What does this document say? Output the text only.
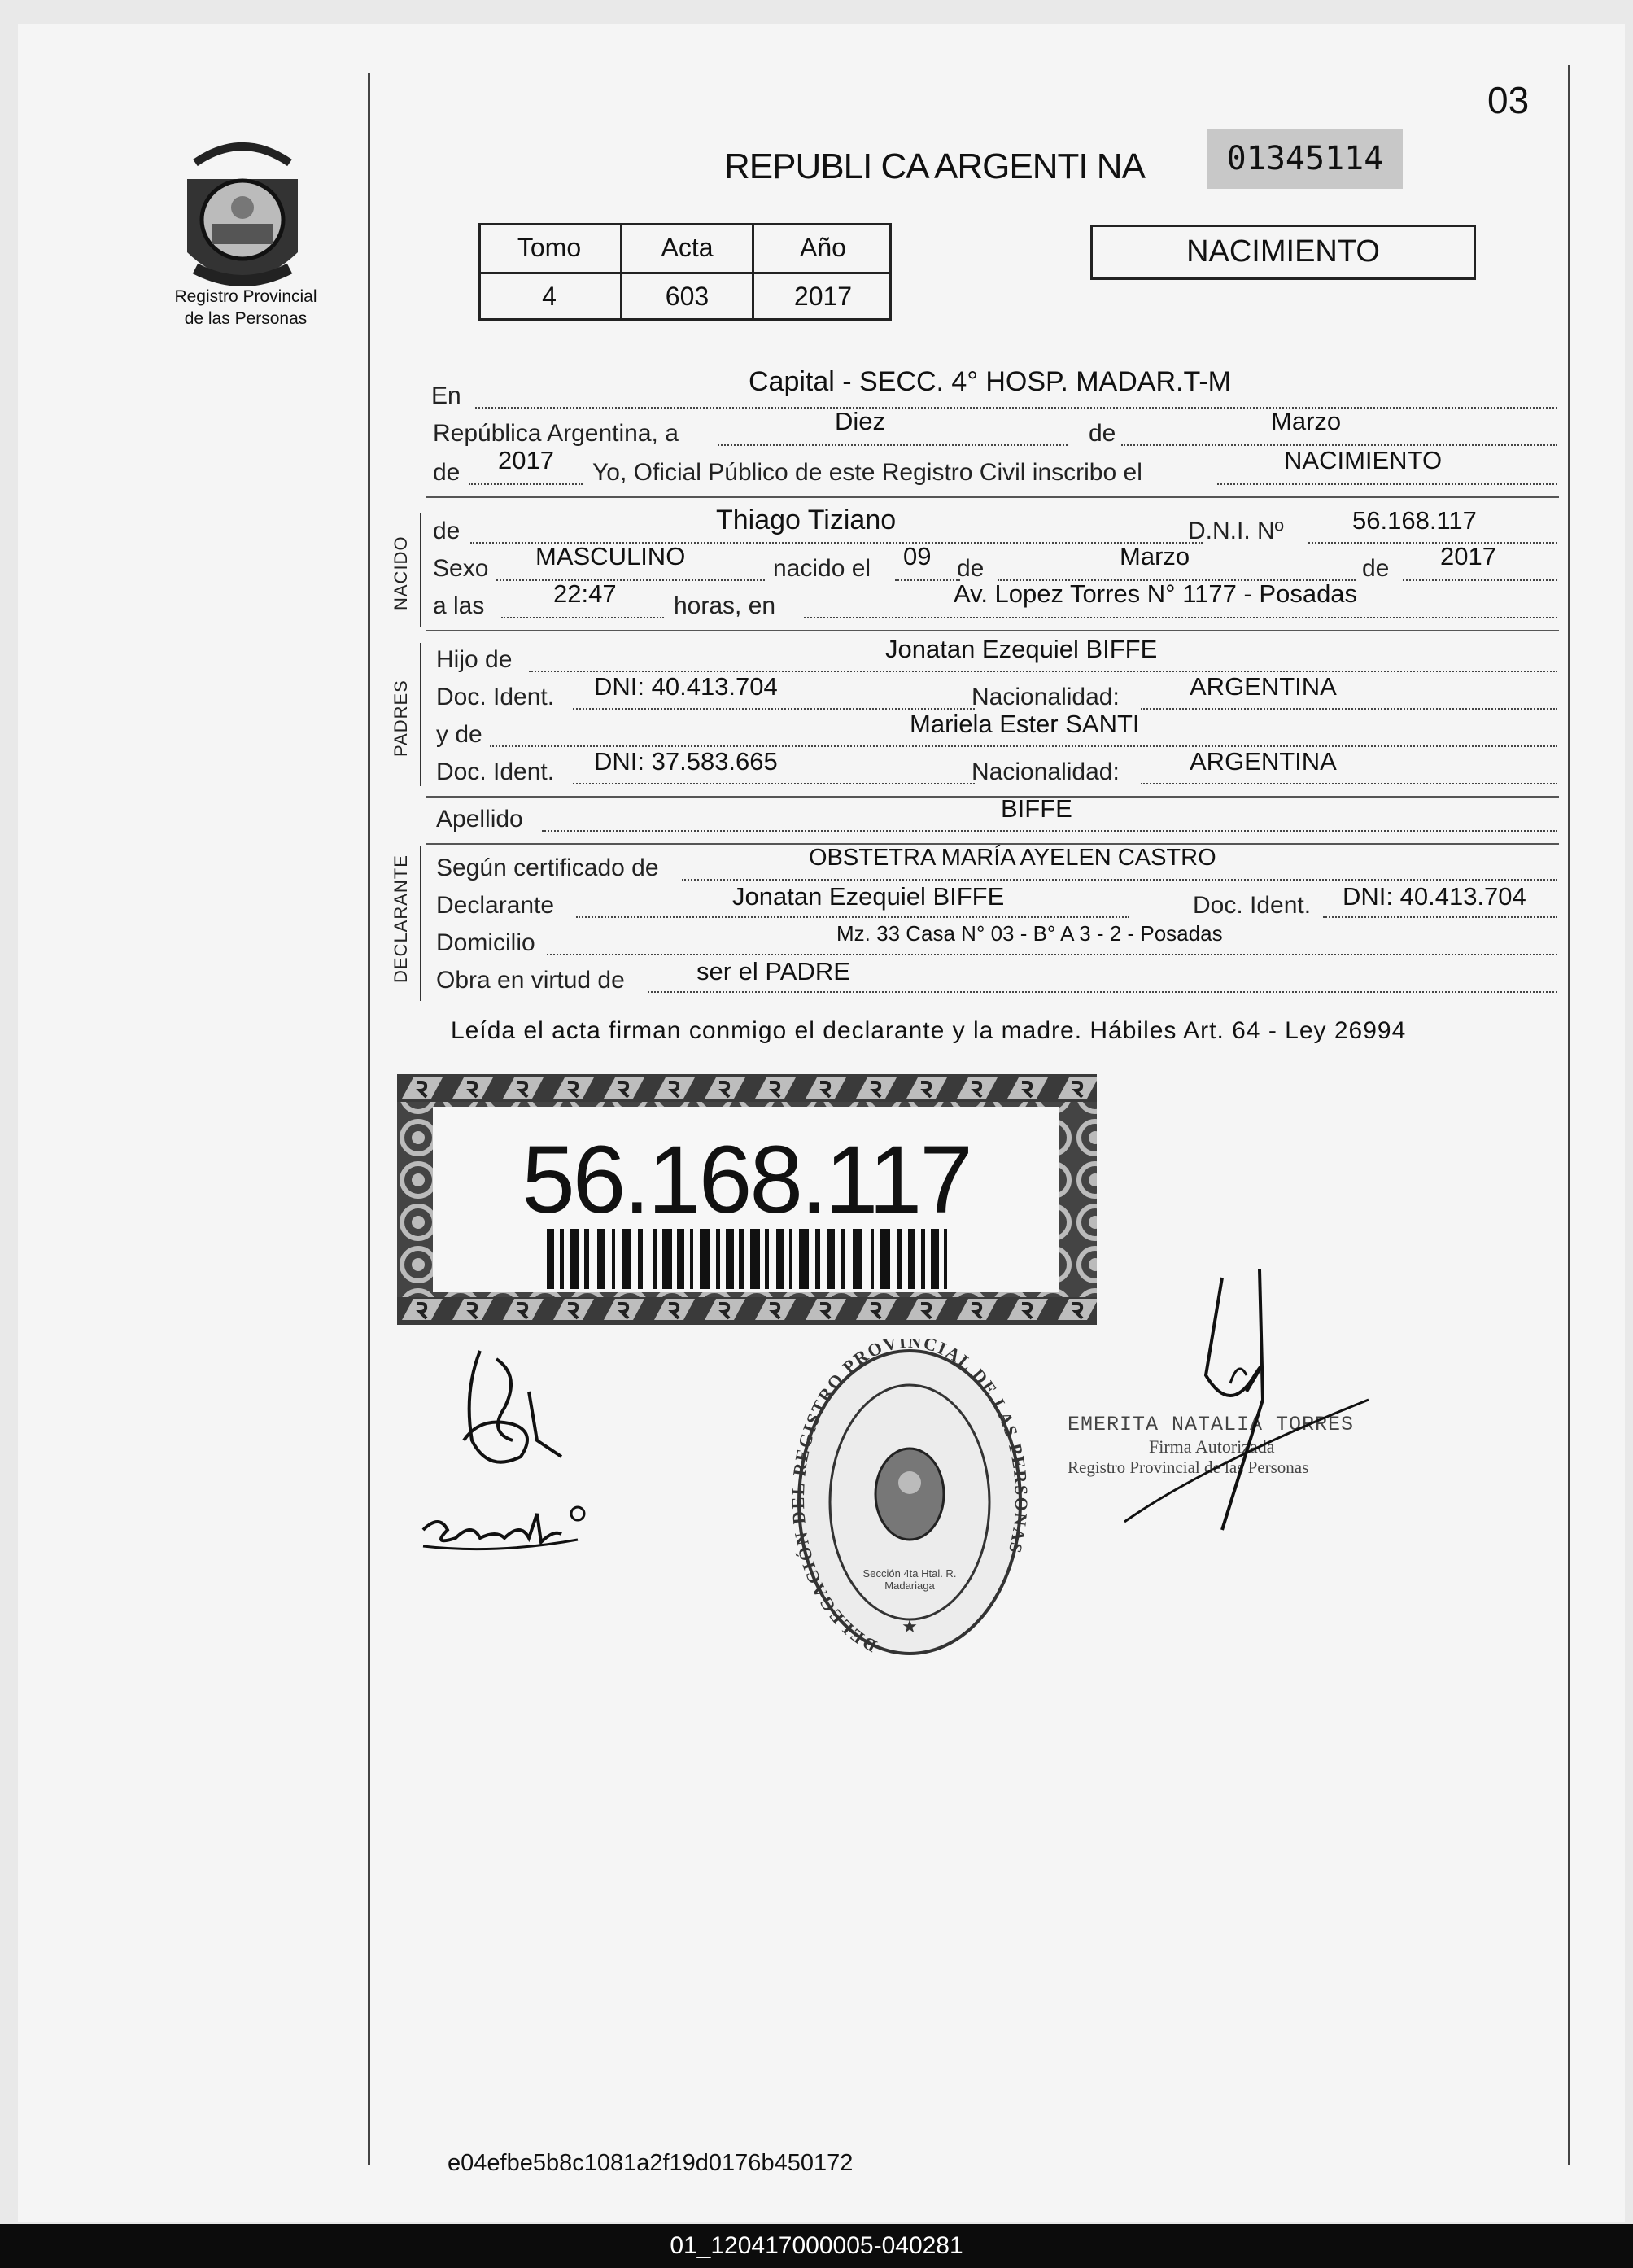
03
Registro Provincial
de las Personas
REPUBLI CA ARGENTI NA	01345114
Tomo	Acta	Año
4	603	2017
NACIMIENTO
En	Capital - SECC. 4° HOSP. MADAR.T-M
República Argentina, a	Diez	de	Marzo
de 2017 Yo, Oficial Público de este Registro Civil inscribo el	NACIMIENTO
NACIDO
de	Thiago Tiziano	D.N.I. Nº	56.168.117
Sexo MASCULINO	nacido el 09 de	Marzo	de 2017
a las	22:47 horas, en	Av. Lopez Torres N° 1177 - Posadas
PADRES
Hijo de	Jonatan Ezequiel BIFFE
Doc. Ident. DNI: 40.413.704	Nacionalidad:	ARGENTINA
y de	Mariela Ester SANTI
Doc. Ident. DNI: 37.583.665	Nacionalidad:	ARGENTINA
Apellido	BIFFE
DECLARANTE Según certificado de	OBSTETRA MARÍA AYELEN CASTRO
Declarante	Jonatan Ezequiel BIFFE	Doc. Ident. DNI: 40.413.704
Domicilio	Mz. 33 Casa N° 03 - B° A 3 - 2 - Posadas
Obra en virtud de	ser el PADRE
Leída el acta firman conmigo el declarante y la madre. Hábiles Art. 64 - Ley 26994
56.168.117
DELEGACIÓN DEL REGISTRO PROVINCIAL DE LAS PERSONAS
★
Sección 4ta Htal. R. Madariaga
EMERITA NATALIA TORRES
Firma Autorizada
Registro Provincial de las Personas
e04efbe5b8c1081a2f19d0176b450172
01_120417000005-040281
